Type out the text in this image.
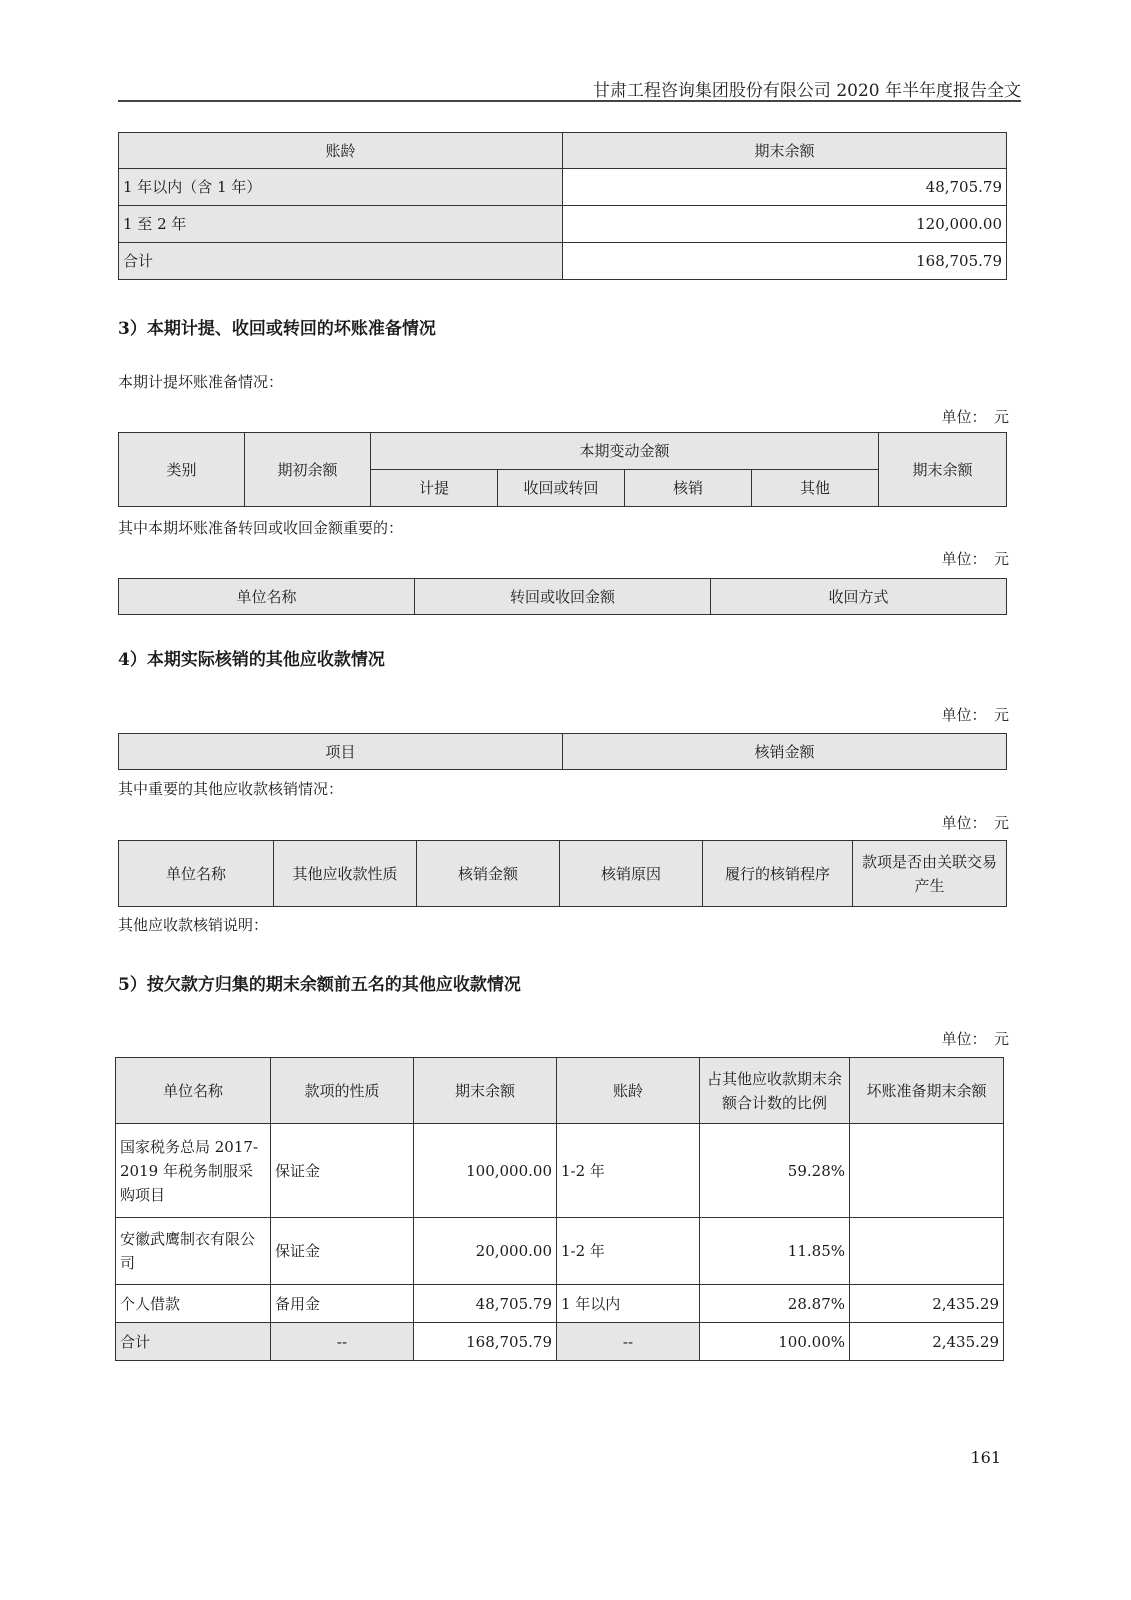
甘肃工程咨询集团股份有限公司 2020 年半年度报告全文
账龄	期末余额
1 年以内（含 1 年）	48,705.79
1 至 2 年	120,000.00
合计	168,705.79
3）本期计提、收回或转回的坏账准备情况
本期计提坏账准备情况：
单位：　元
类别	期初余额	本期变动金额				期末余额
		计提	收回或转回	核销	其他	
其中本期坏账准备转回或收回金额重要的：
单位：　元
单位名称	转回或收回金额	收回方式
4）本期实际核销的其他应收款情况
单位：　元
项目	核销金额
其中重要的其他应收款核销情况：
单位：　元
单位名称	其他应收款性质	核销金额	核销原因	履行的核销程序	款项是否由关联交易产生
其他应收款核销说明：
5）按欠款方归集的期末余额前五名的其他应收款情况
单位：　元
单位名称	款项的性质	期末余额	账龄	占其他应收款期末余额合计数的比例	坏账准备期末余额
国家税务总局 2017-2019 年税务制服采购项目	保证金	100,000.00	1-2 年	59.28%	
安徽武鹰制衣有限公司	保证金	20,000.00	1-2 年	11.85%	
个人借款	备用金	48,705.79	1 年以内	28.87%	2,435.29
合计	--	168,705.79	--	100.00%	2,435.29
161
